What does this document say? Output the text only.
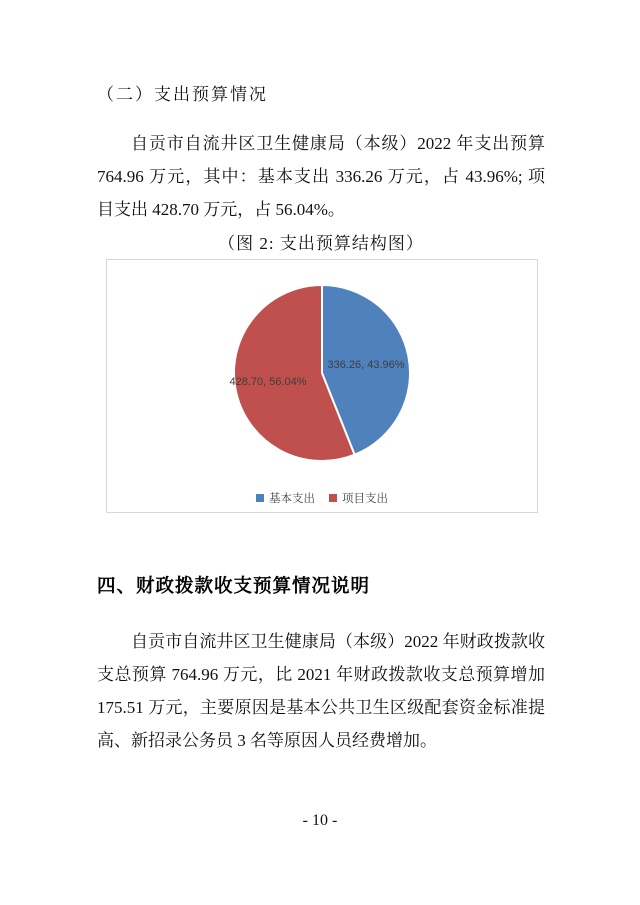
（二）支出预算情况
自贡市自流井区卫生健康局（本级）2022 年支出预算
764.96 万元，其中：基本支出 336.26 万元，占 43.96%; 项
目支出 428.70 万元，占 56.04%。
（图 2: 支出预算结构图）
336.26, 43.96%
428.70, 56.04%
基本支出 项目支出
四、财政拨款收支预算情况说明
自贡市自流井区卫生健康局（本级）2022 年财政拨款收
支总预算 764.96 万元，比 2021 年财政拨款收支总预算增加
175.51 万元，主要原因是基本公共卫生区级配套资金标准提
高、新招录公务员 3 名等原因人员经费增加。
- 10 -
